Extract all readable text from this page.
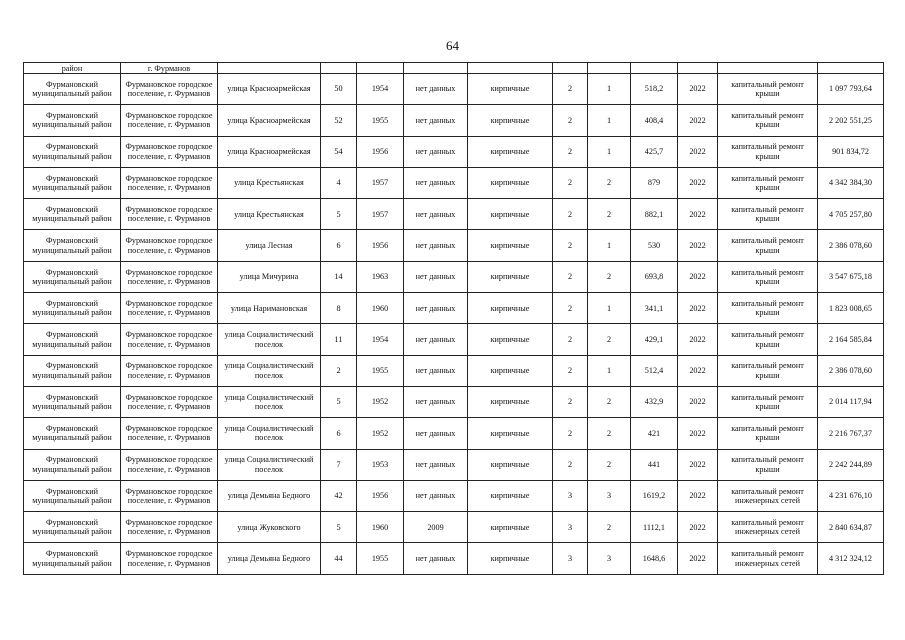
64
район	г. Фурманов											
Фурмановский муниципальный район	Фурмановское городское поселение, г. Фурманов	улица Красноармейская	50	1954	нет данных	кирпичные	2	1	518,2	2022	капитальный ремонт крыши	1 097 793,64
Фурмановский муниципальный район	Фурмановское городское поселение, г. Фурманов	улица Красноармейская	52	1955	нет данных	кирпичные	2	1	408,4	2022	капитальный ремонт крыши	2 202 551,25
Фурмановский муниципальный район	Фурмановское городское поселение, г. Фурманов	улица Красноармейская	54	1956	нет данных	кирпичные	2	1	425,7	2022	капитальный ремонт крыши	901 834,72
Фурмановский муниципальный район	Фурмановское городское поселение, г. Фурманов	улица Крестьянская	4	1957	нет данных	кирпичные	2	2	879	2022	капитальный ремонт крыши	4 342 384,30
Фурмановский муниципальный район	Фурмановское городское поселение, г. Фурманов	улица Крестьянская	5	1957	нет данных	кирпичные	2	2	882,1	2022	капитальный ремонт крыши	4 705 257,80
Фурмановский муниципальный район	Фурмановское городское поселение, г. Фурманов	улица Лесная	6	1956	нет данных	кирпичные	2	1	530	2022	капитальный ремонт крыши	2 386 078,60
Фурмановский муниципальный район	Фурмановское городское поселение, г. Фурманов	улица Мичурина	14	1963	нет данных	кирпичные	2	2	693,8	2022	капитальный ремонт крыши	3 547 675,18
Фурмановский муниципальный район	Фурмановское городское поселение, г. Фурманов	улица Наримановская	8	1960	нет данных	кирпичные	2	1	341,1	2022	капитальный ремонт крыши	1 823 008,65
Фурмановский муниципальный район	Фурмановское городское поселение, г. Фурманов	улица Социалистический поселок	11	1954	нет данных	кирпичные	2	2	429,1	2022	капитальный ремонт крыши	2 164 585,84
Фурмановский муниципальный район	Фурмановское городское поселение, г. Фурманов	улица Социалистический поселок	2	1955	нет данных	кирпичные	2	1	512,4	2022	капитальный ремонт крыши	2 386 078,60
Фурмановский муниципальный район	Фурмановское городское поселение, г. Фурманов	улица Социалистический поселок	5	1952	нет данных	кирпичные	2	2	432,9	2022	капитальный ремонт крыши	2 014 117,94
Фурмановский муниципальный район	Фурмановское городское поселение, г. Фурманов	улица Социалистический поселок	6	1952	нет данных	кирпичные	2	2	421	2022	капитальный ремонт крыши	2 216 767,37
Фурмановский муниципальный район	Фурмановское городское поселение, г. Фурманов	улица Социалистический поселок	7	1953	нет данных	кирпичные	2	2	441	2022	капитальный ремонт крыши	2 242 244,89
Фурмановский муниципальный район	Фурмановское городское поселение, г. Фурманов	улица Демьяна Бедного	42	1956	нет данных	кирпичные	3	3	1619,2	2022	капитальный ремонт инженерных сетей	4 231 676,10
Фурмановский муниципальный район	Фурмановское городское поселение, г. Фурманов	улица Жуковского	5	1960	2009	кирпичные	3	2	1112,1	2022	капитальный ремонт инженерных сетей	2 840 634,87
Фурмановский муниципальный район	Фурмановское городское поселение, г. Фурманов	улица Демьяна Бедного	44	1955	нет данных	кирпичные	3	3	1648,6	2022	капитальный ремонт инженерных сетей	4 312 324,12
